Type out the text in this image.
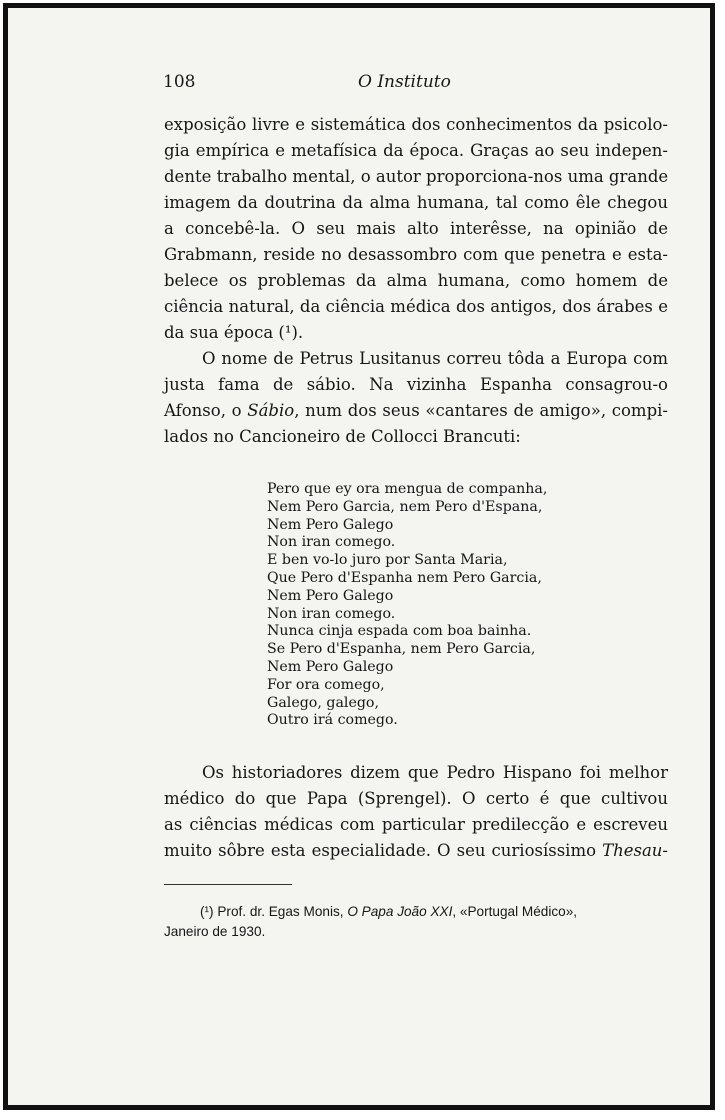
108	O Instituto
exposição livre e sistemática dos conhecimentos da psicolo-
gia empírica e metafísica da época. Graças ao seu indepen-
dente trabalho mental, o autor proporciona-nos uma grande
imagem da doutrina da alma humana, tal como êle chegou
a concebê-la. O seu mais alto interêsse, na opinião de
Grabmann, reside no desassombro com que penetra e esta-
belece os problemas da alma humana, como homem de
ciência natural, da ciência médica dos antigos, dos árabes e
da sua época (¹).
O nome de Petrus Lusitanus correu tôda a Europa com
justa fama de sábio. Na vizinha Espanha consagrou-o
Afonso, o Sábio, num dos seus «cantares de amigo», compi-
lados no Cancioneiro de Collocci Brancuti:
Pero que ey ora mengua de companha,
Nem Pero Garcia, nem Pero d'Espana,
Nem Pero Galego
Non iran comego.
E ben vo-lo juro por Santa Maria,
Que Pero d'Espanha nem Pero Garcia,
Nem Pero Galego
Non iran comego.
Nunca cinja espada com boa bainha.
Se Pero d'Espanha, nem Pero Garcia,
Nem Pero Galego
For ora comego,
Galego, galego,
Outro irá comego.
Os historiadores dizem que Pedro Hispano foi melhor
médico do que Papa (Sprengel). O certo é que cultivou
as ciências médicas com particular predilecção e escreveu
muito sôbre esta especialidade. O seu curiosíssimo Thesau-
(¹) Prof. dr. Egas Monis, O Papa João XXI, «Portugal Médico»,
Janeiro de 1930.
